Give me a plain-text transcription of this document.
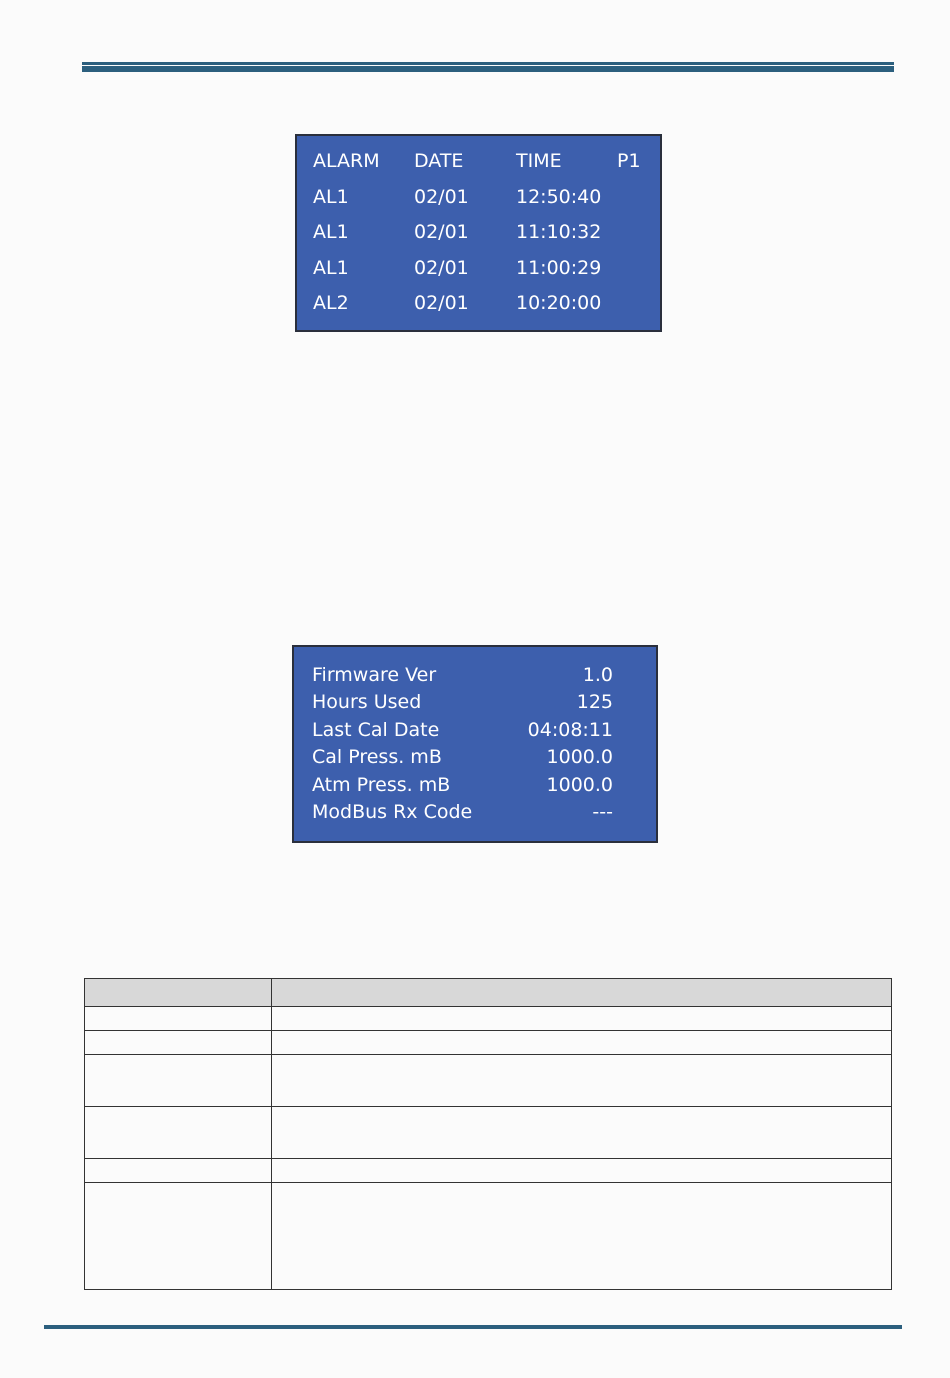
ALARM DATE	TIME	P1
AL1	02/01 12:50:40
AL1	02/01 11:10:32
AL1	02/01 11:00:29
AL2	02/01 10:20:00
Firmware Ver	1.0
Hours Used	125
Last Cal Date	04:08:11
Cal Press. mB	1000.0
Atm Press. mB	1000.0
ModBus Rx Code	---
